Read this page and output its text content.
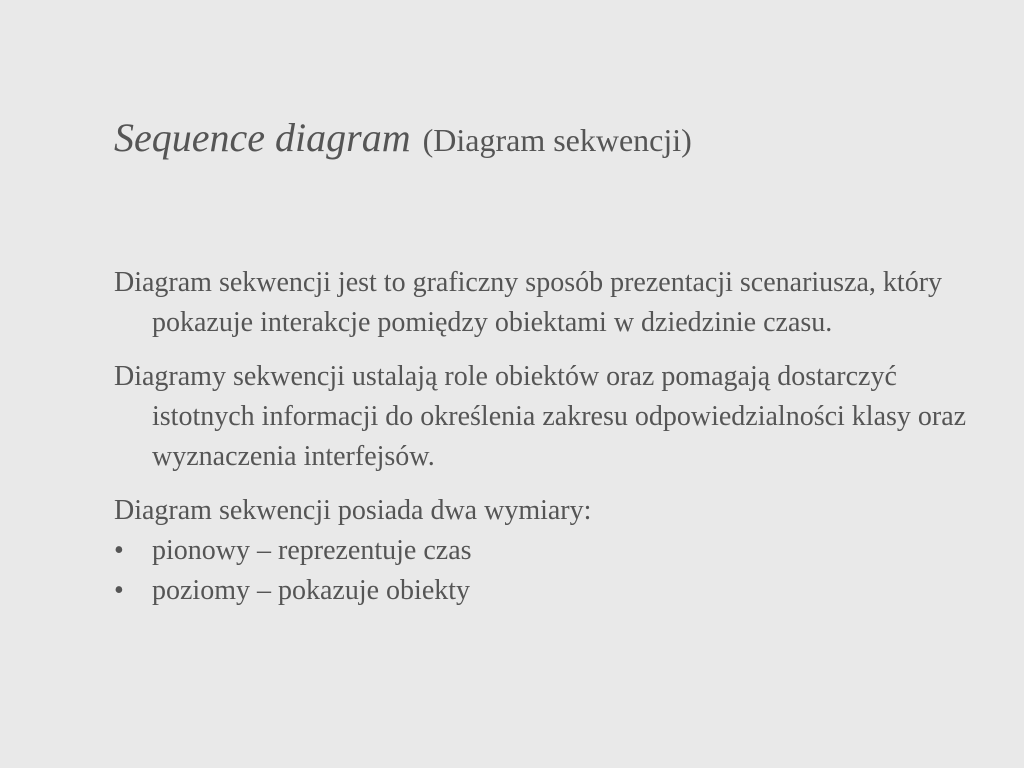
Sequence diagram (Diagram sekwencji)

Diagram sekwencji jest to graficzny sposób prezentacji scenariusza, który pokazuje interakcje pomiędzy obiektami w dziedzinie czasu.

Diagramy sekwencji ustalają role obiektów oraz pomagają dostarczyć istotnych informacji do określenia zakresu odpowiedzialności klasy oraz wyznaczenia interfejsów.

Diagram sekwencji posiada dwa wymiary:

•
pionowy – reprezentuje czas
•
poziomy – pokazuje obiekty
